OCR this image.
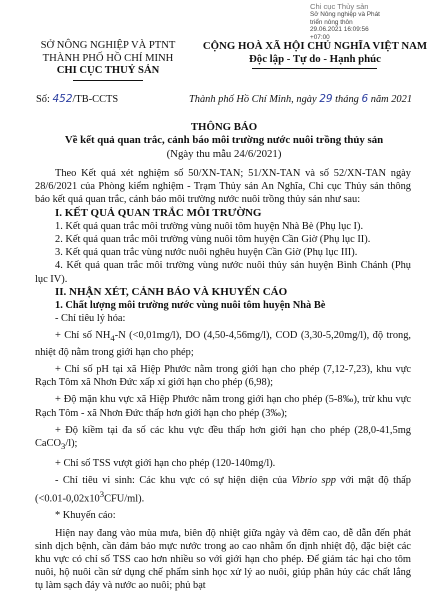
Chi cục Thủy sản
Sở Nông nghiệp và Phát
triển nông thôn
29.06.2021 16:09:56
+07:00
SỞ NÔNG NGHIỆP VÀ PTNT
THÀNH PHỐ HỒ CHÍ MINH
CHI CỤC THUỶ SẢN
CỘNG HOÀ XÃ HỘI CHỦ NGHĨA VIỆT NAM
Độc lập - Tự do - Hạnh phúc
Số: 452/TB-CCTS	Thành phố Hồ Chí Minh, ngày 29 tháng 6 năm 2021
THÔNG BÁO
Về kết quả quan trắc, cảnh báo môi trường nước nuôi trồng thủy sản
(Ngày thu mẫu 24/6/2021)

Theo Kết quả xét nghiệm số 50/XN-TAN; 51/XN-TAN và số 52/XN-TAN ngày 28/6/2021 của Phòng kiểm nghiệm - Trạm Thủy sản An Nghĩa, Chi cục Thủy sản thông báo kết quả quan trắc, cảnh báo môi trường nước nuôi trồng thủy sản như sau:

I. KẾT QUẢ QUAN TRẮC MÔI TRƯỜNG

1. Kết quả quan trắc môi trường vùng nuôi tôm huyện Nhà Bè (Phụ lục I).

2. Kết quả quan trắc môi trường vùng nuôi tôm huyện Cần Giờ (Phụ lục II).

3. Kết quả quan trắc vùng nước nuôi nghêu huyện Cần Giờ (Phụ lục III).

4. Kết quả quan trắc môi trường vùng nước nuôi thủy sản huyện Bình Chánh (Phụ lục IV).

II. NHẬN XÉT, CẢNH BÁO VÀ KHUYẾN CÁO

1. Chất lượng môi trường nước vùng nuôi tôm huyện Nhà Bè

- Chỉ tiêu lý hóa:

+ Chỉ số $NH_4-N$ (<0,01mg/l), DO (4,50-4,56mg/l), COD (3,30-5,20mg/l), độ trong, nhiệt độ nằm trong giới hạn cho phép;

+ Chỉ số pH tại xã Hiệp Phước nằm trong giới hạn cho phép (7,12-7,23), khu vực Rạch Tôm xã Nhơn Đức xấp xỉ giới hạn cho phép (6,98);

+ Độ mặn khu vực xã Hiệp Phước nằm trong giới hạn cho phép (5-8‰), trừ khu vực Rạch Tôm - xã Nhơn Đức thấp hơn giới hạn cho phép (3‰);

+ Độ kiềm tại đa số các khu vực đều thấp hơn giới hạn cho phép (28,0-41,5mg CaCO$_3$/l);

+ Chỉ số TSS vượt giới hạn cho phép (120-140mg/l).

- Chỉ tiêu vi sinh: Các khu vực có sự hiện diện của Vibrio spp với mật độ thấp $(<0.01-0,02x10^3CFU/ml)$.

* Khuyến cáo:

Hiện nay đang vào mùa mưa, biên độ nhiệt giữa ngày và đêm cao, dễ dẫn đến phát sinh dịch bệnh, cần đảm bảo mực nước trong ao cao nhằm ổn định nhiệt độ, đặc biệt các khu vực có chỉ số TSS cao hơn nhiều so với giới hạn cho phép. Để giảm tác hại cho tôm nuôi, hộ nuôi cần sử dụng chế phẩm sinh học xử lý ao nuôi, giúp phân hủy các chất lắng tụ làm sạch đáy và nước ao nuôi; phủ bạt
